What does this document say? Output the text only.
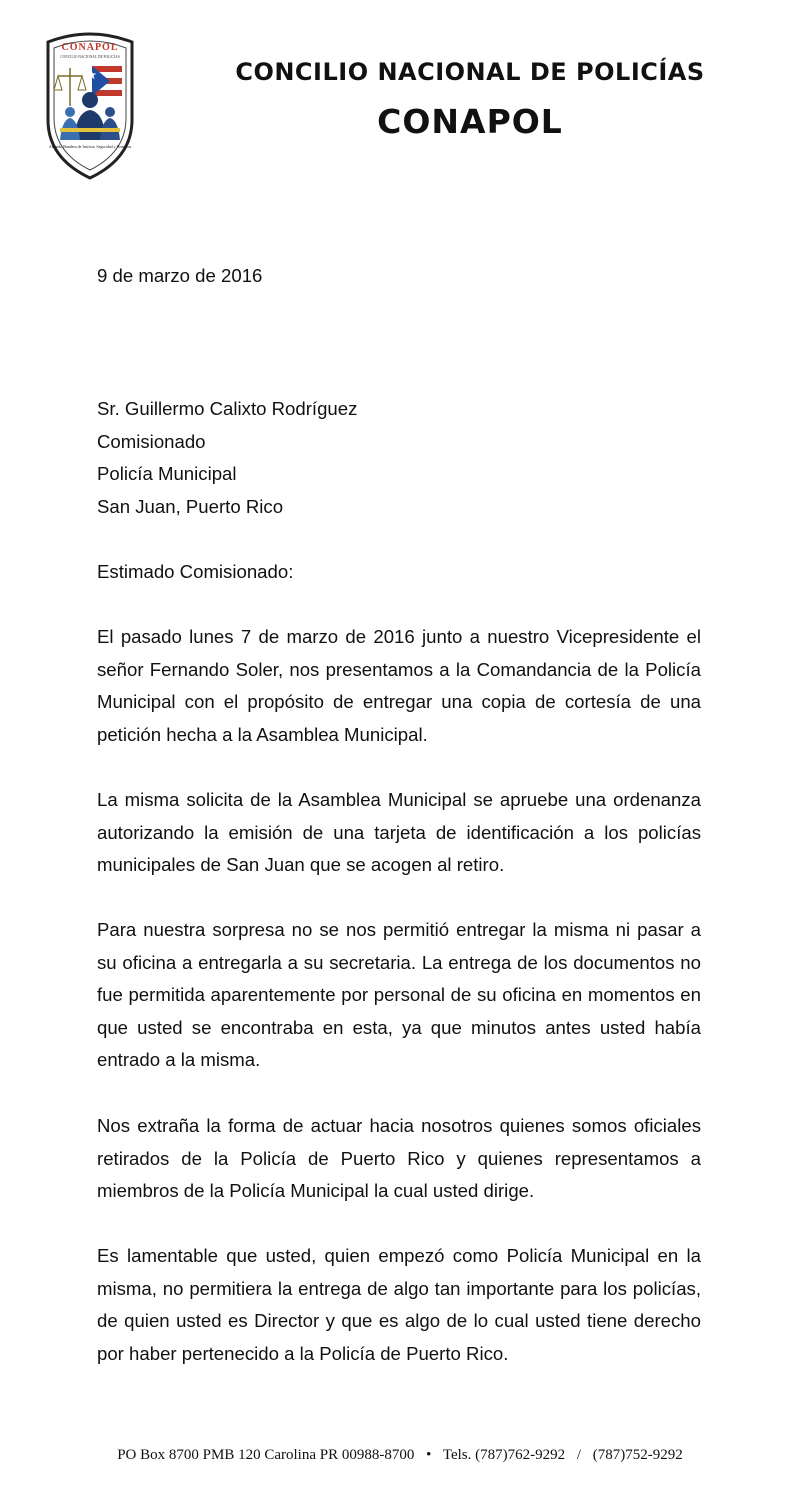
CONAPOL
CONCILIO NACIONAL DE POLICÍAS
Alzando Bandera de Justicia, Seguridad y Honestas
CONCILIO NACIONAL DE POLICÍAS
CONAPOL
9 de marzo de 2016
Sr. Guillermo Calixto Rodríguez
Comisionado
Policía Municipal
San Juan, Puerto Rico
Estimado Comisionado:
El pasado lunes 7 de marzo de 2016 junto a nuestro Vicepresidente el señor Fernando Soler, nos presentamos a la Comandancia de la Policía Municipal con el propósito de entregar una copia de cortesía de una petición hecha a la Asamblea Municipal.
La misma solicita de la Asamblea Municipal se apruebe una ordenanza autorizando la emisión de una tarjeta de identificación a los policías municipales de San Juan que se acogen al retiro.
Para nuestra sorpresa no se nos permitió entregar la misma ni pasar a su oficina a entregarla a su secretaria. La entrega de los documentos no fue permitida aparentemente por personal de su oficina en momentos en que usted se encontraba en esta, ya que minutos antes usted había entrado a la misma.
Nos extraña la forma de actuar hacia nosotros quienes somos oficiales retirados de la Policía de Puerto Rico y quienes representamos a miembros de la Policía Municipal la cual usted dirige.
Es lamentable que usted, quien empezó como Policía Municipal en la misma, no permitiera la entrega de algo tan importante para los policías, de quien usted es Director y que es algo de lo cual usted tiene derecho por haber pertenecido a la Policía de Puerto Rico.
PO Box 8700 PMB 120 Carolina PR 00988-8700 • Tels. (787)762-9292 / (787)752-9292
